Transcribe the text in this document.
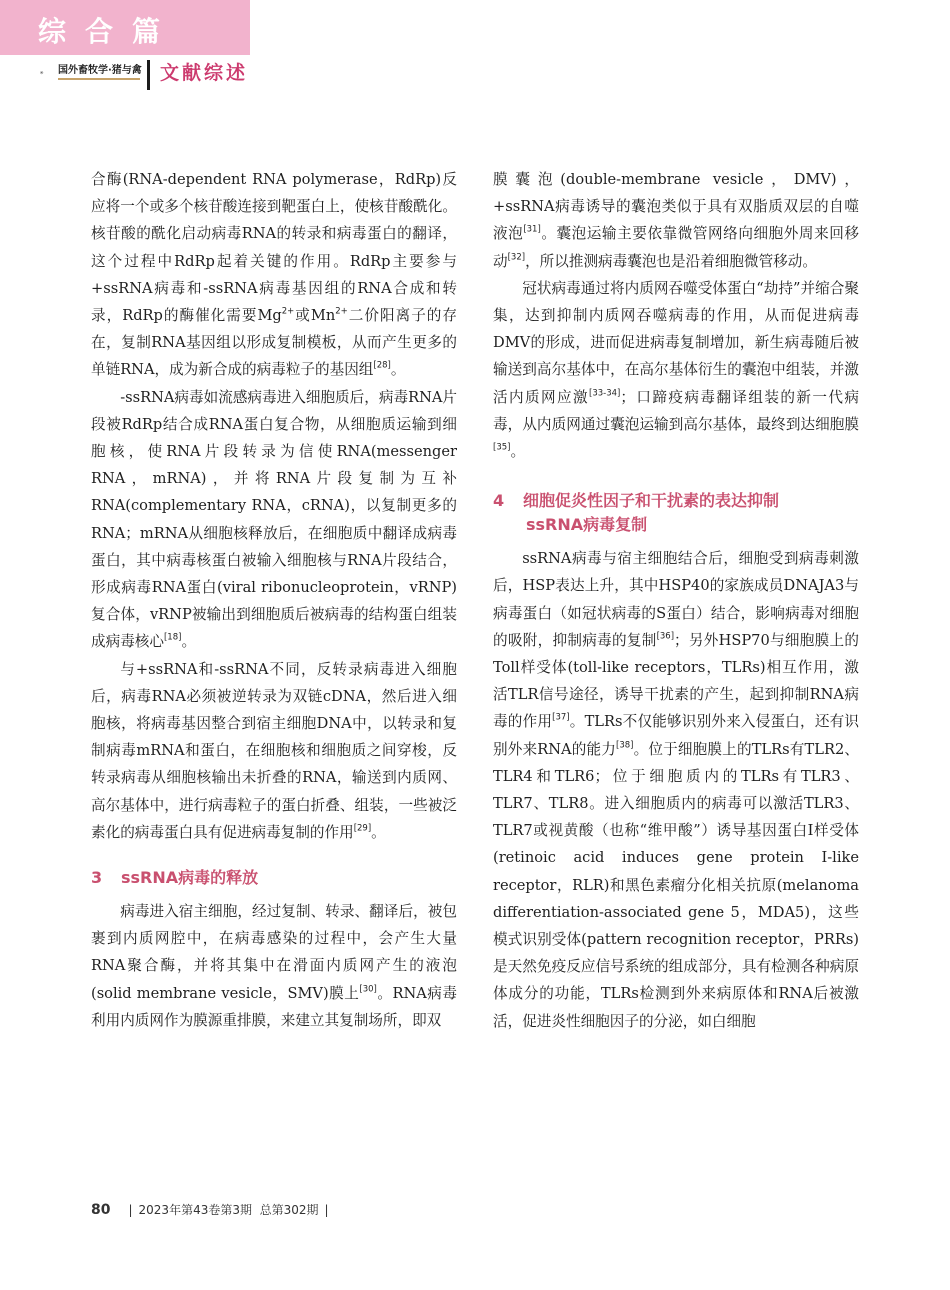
综合篇
国外畜牧学·猪与禽 文献综述

合酶(RNA-dependent RNA polymerase，RdRp)反应将一个或多个核苷酸连接到靶蛋白上，使核苷酸酰化。核苷酸的酰化启动病毒RNA的转录和病毒蛋白的翻译，这个过程中RdRp起着关键的作用。RdRp主要参与+ssRNA病毒和-ssRNA病毒基因组的RNA合成和转录，RdRp的酶催化需要$Mg^{2+}$或$Mn^{2+}$二价阳离子的存在，复制RNA基因组以形成复制模板，从而产生更多的单链RNA，成为新合成的病毒粒子的基因组[28]。

-ssRNA病毒如流感病毒进入细胞质后，病毒RNA片段被RdRp结合成RNA蛋白复合物，从细胞质运输到细胞核，使RNA片段转录为信使RNA(messenger RNA，mRNA)，并将RNA片段复制为互补RNA(complementary RNA，cRNA)，以复制更多的RNA；mRNA从细胞核释放后，在细胞质中翻译成病毒蛋白，其中病毒核蛋白被输入细胞核与RNA片段结合，形成病毒RNA蛋白(viral ribonucleoprotein，vRNP)复合体，vRNP被输出到细胞质后被病毒的结构蛋白组装成病毒核心[18]。

与+ssRNA和-ssRNA不同，反转录病毒进入细胞后，病毒RNA必须被逆转录为双链cDNA，然后进入细胞核，将病毒基因整合到宿主细胞DNA中，以转录和复制病毒mRNA和蛋白，在细胞核和细胞质之间穿梭，反转录病毒从细胞核输出未折叠的RNA，输送到内质网、高尔基体中，进行病毒粒子的蛋白折叠、组装，一些被泛素化的病毒蛋白具有促进病毒复制的作用[29]。

3 ssRNA病毒的释放

病毒进入宿主细胞，经过复制、转录、翻译后，被包裹到内质网腔中，在病毒感染的过程中，会产生大量RNA聚合酶，并将其集中在滑面内质网产生的液泡(solid membrane vesicle，SMV)膜上[30]。RNA病毒利用内质网作为膜源重排膜，来建立其复制场所，即双

膜囊泡(double-membrane vesicle，DMV)，+ssRNA病毒诱导的囊泡类似于具有双脂质双层的自噬液泡[31]。囊泡运输主要依靠微管网络向细胞外周来回移动[32]，所以推测病毒囊泡也是沿着细胞微管移动。

冠状病毒通过将内质网吞噬受体蛋白“劫持”并缩合聚集，达到抑制内质网吞噬病毒的作用，从而促进病毒DMV的形成，进而促进病毒复制增加，新生病毒随后被输送到高尔基体中，在高尔基体衍生的囊泡中组装，并激活内质网应激[33-34]；口蹄疫病毒翻译组装的新一代病毒，从内质网通过囊泡运输到高尔基体，最终到达细胞膜[35]。

4 细胞促炎性因子和干扰素的表达抑制
ssRNA病毒复制

ssRNA病毒与宿主细胞结合后，细胞受到病毒刺激后，HSP表达上升，其中HSP40的家族成员DNAJA3与病毒蛋白（如冠状病毒的S蛋白）结合，影响病毒对细胞的吸附，抑制病毒的复制[36]；另外HSP70与细胞膜上的Toll样受体(toll-like receptors，TLRs)相互作用，激活TLR信号途径，诱导干扰素的产生，起到抑制RNA病毒的作用[37]。TLRs不仅能够识别外来入侵蛋白，还有识别外来RNA的能力[38]。位于细胞膜上的TLRs有TLR2、TLR4和TLR6；位于细胞质内的TLRs有TLR3、TLR7、TLR8。进入细胞质内的病毒可以激活TLR3、TLR7或视黄酸（也称“维甲酸”）诱导基因蛋白Ⅰ样受体(retinoic acid induces gene protein I-like receptor，RLR)和黑色素瘤分化相关抗原(melanoma differentiation-associated gene 5，MDA5)，这些模式识别受体(pattern recognition receptor，PRRs)是天然免疫反应信号系统的组成部分，具有检测各种病原体成分的功能，TLRs检测到外来病原体和RNA后被激活，促进炎性细胞因子的分泌，如白细胞

80 | 2023年第43卷第3期 总第302期 |
